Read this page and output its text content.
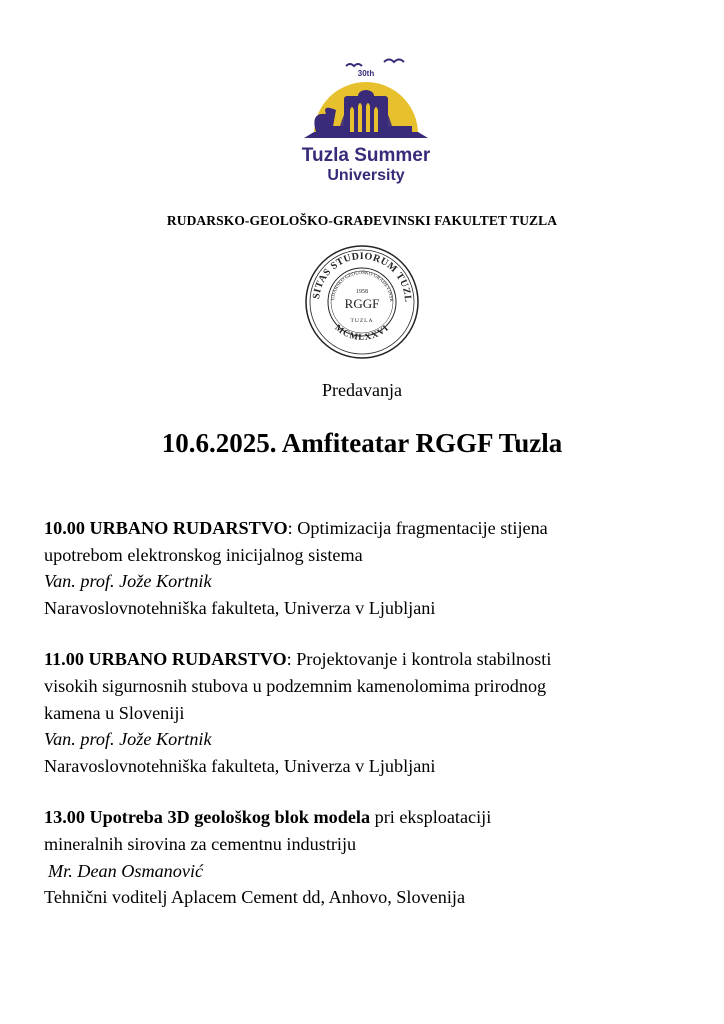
30th
Tuzla Summer
University
RUDARSKO-GEOLOŠKO-GRAĐEVINSKI FAKULTET TUZLA
SITAS STUDIORUM TUZL
MCMLXXVI
UDARSKO GEOLOŠKO GRAĐEVINSK
1958
RGGF
TUZLA
Predavanja
10.6.2025. Amfiteatar RGGF Tuzla

10.00 URBANO RUDARSTVO: Optimizacija fragmentacije stijena

upotrebom elektronskog inicijalnog sistema

Van. prof. Jože Kortnik

Naravoslovnotehniška fakulteta, Univerza v Ljubljani

11.00 URBANO RUDARSTVO: Projektovanje i kontrola stabilnosti

visokih sigurnosnih stubova u podzemnim kamenolomima prirodnog

kamena u Sloveniji

Van. prof. Jože Kortnik

Naravoslovnotehniška fakulteta, Univerza v Ljubljani

13.00 Upotreba 3D geološkog blok modela pri eksploataciji

mineralnih sirovina za cementnu industriju

Mr. Dean Osmanović

Tehnični voditelj Aplacem Cement dd, Anhovo, Slovenija
